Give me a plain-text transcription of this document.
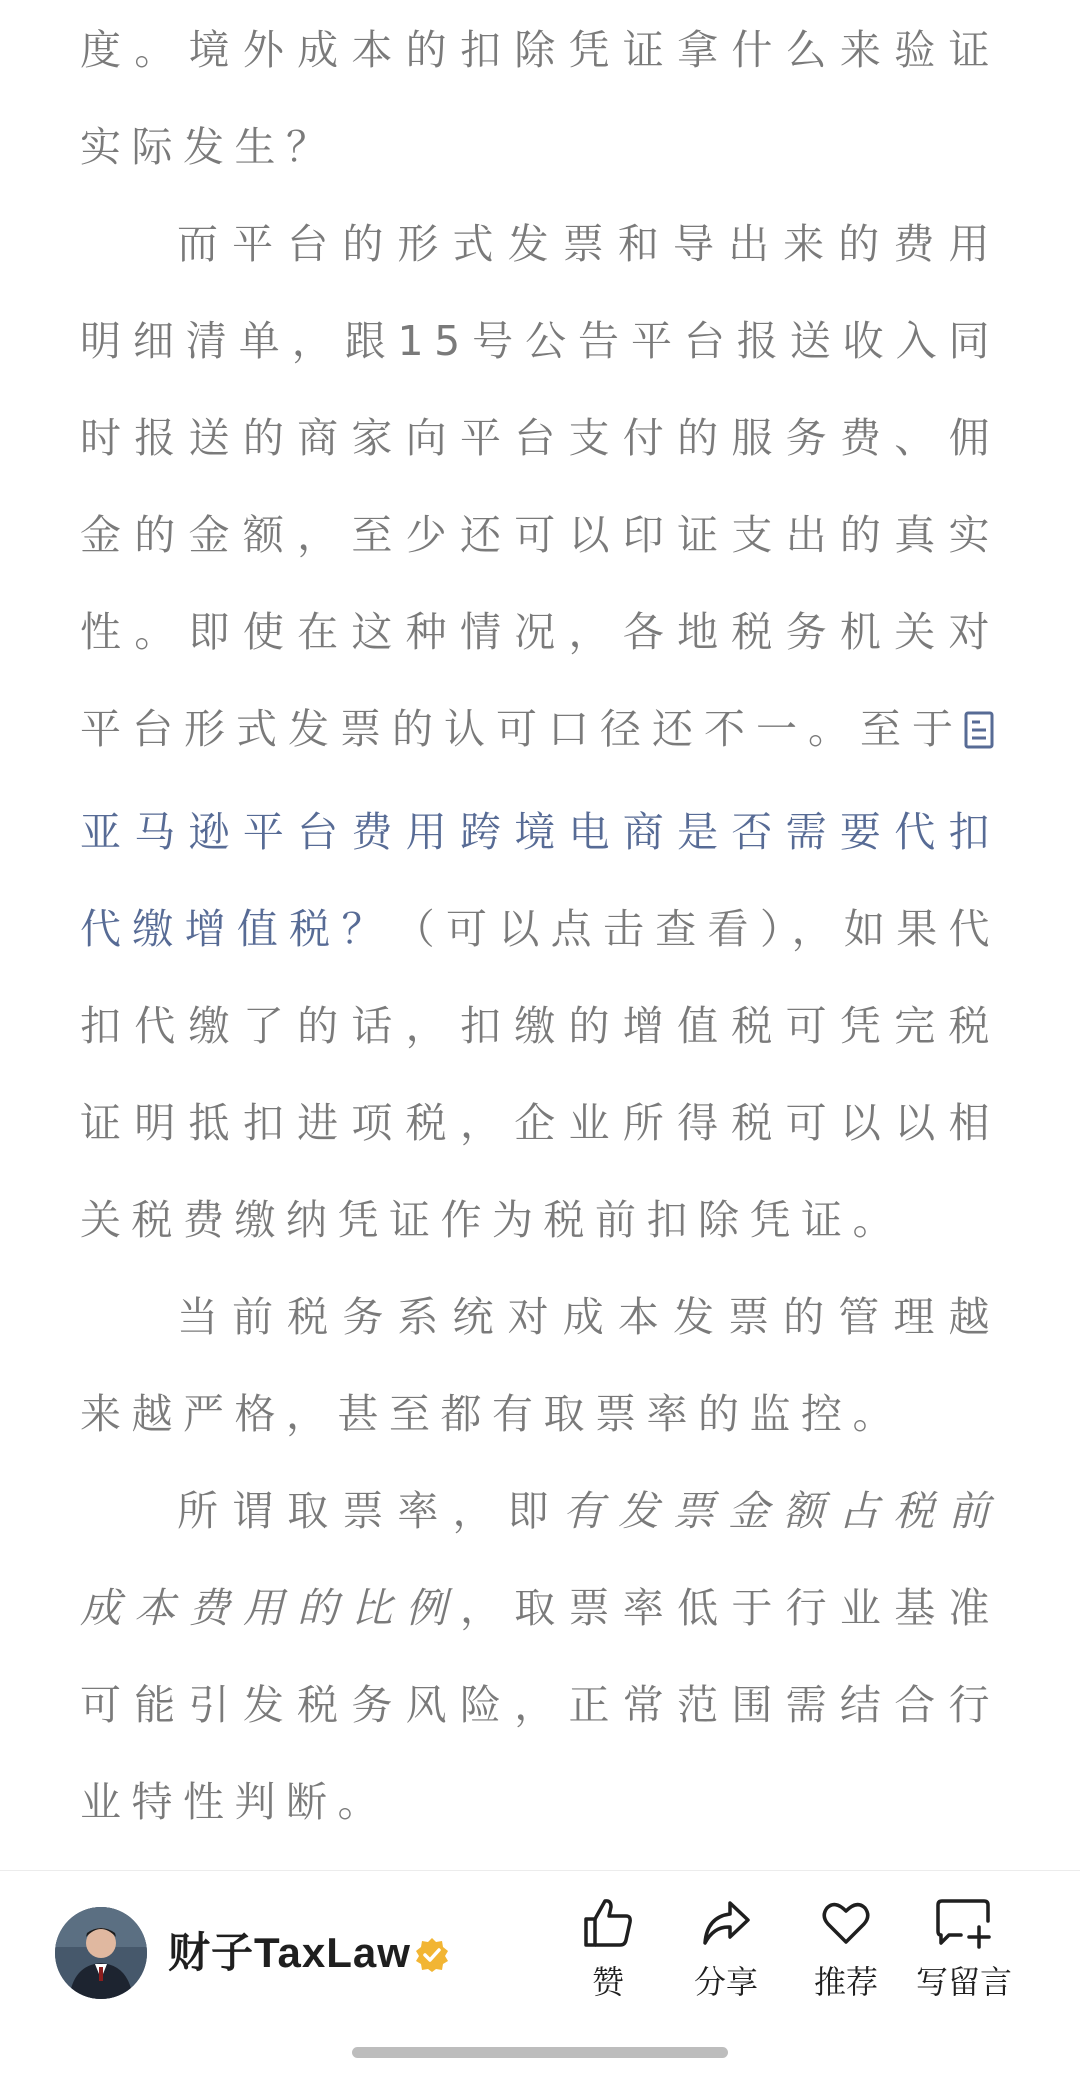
度。境外成本的扣除凭证拿什么来验证实际发生？

而平台的形式发票和导出来的费用明细清单，跟15号公告平台报送收入同时报送的商家向平台支付的服务费、佣金的金额，至少还可以印证支出的真实性。即使在这种情况，各地税务机关对平台形式发票的认可口径还不一。至于亚马逊平台费用跨境电商是否需要代扣代缴增值税？（可以点击查看），如果代扣代缴了的话，扣缴的增值税可凭完税证明抵扣进项税，企业所得税可以以相关税费缴纳凭证作为税前扣除凭证。

当前税务系统对成本发票的管理越来越严格，甚至都有取票率的监控。

所谓取票率，即有发票金额占税前成本费用的比例，取票率低于行业基准可能引发税务风险，正常范围需结合行业特性判断。

财子TaxLaw
赞	分享	推荐	写留言
